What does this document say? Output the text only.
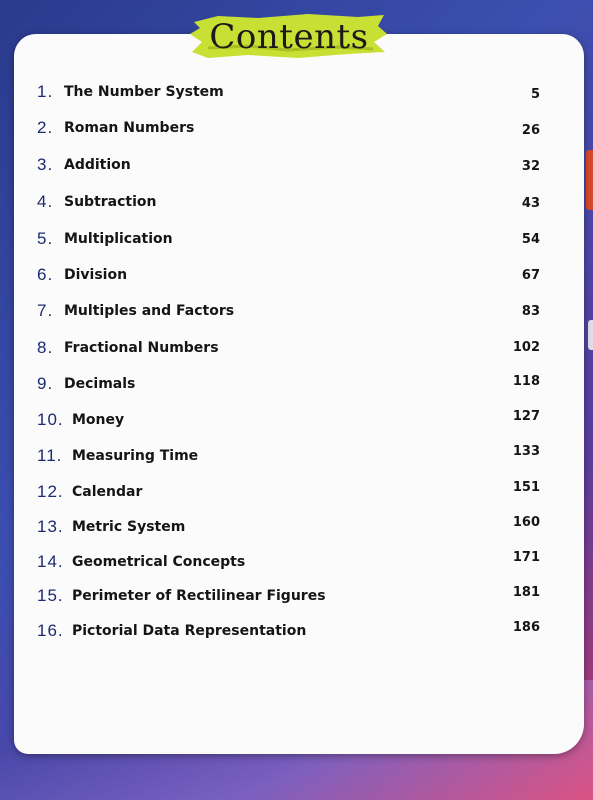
Contents
1. The Number System	5
2. Roman Numbers	26
3. Addition	32
4. Subtraction	43
5. Multiplication	54
6. Division	67
7. Multiples and Factors	83
8. Fractional Numbers	102
9. Decimals	118
10. Money	127
11. Measuring Time	133
12. Calendar	151
13. Metric System	160
14. Geometrical Concepts	171
15. Perimeter of Rectilinear Figures	181
16. Pictorial Data Representation	186
